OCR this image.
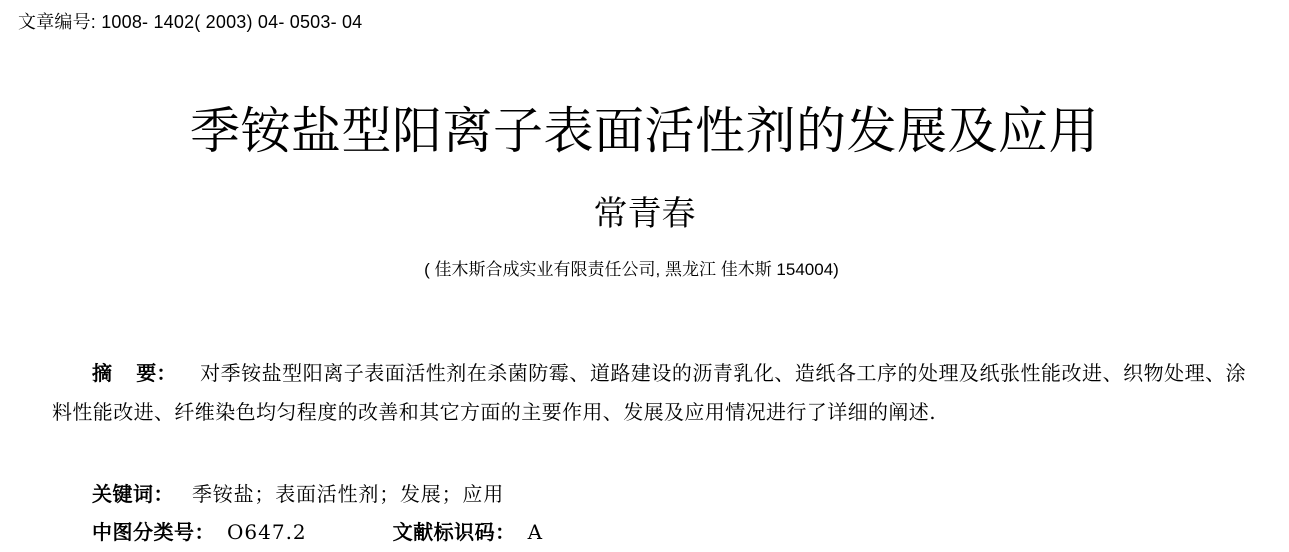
文章编号: 1008- 1402( 2003) 04- 0503- 04
季铵盐型阳离子表面活性剂的发展及应用
常青春
( 佳木斯合成实业有限责任公司, 黑龙江 佳木斯 154004)
摘 要： 对季铵盐型阳离子表面活性剂在杀菌防霉、道路建设的沥青乳化、造纸各工序的处理及纸张性能改进、织物处理、涂料性能改进、纤维染色均匀程度的改善和其它方面的主要作用、发展及应用情况进行了详细的阐述.
关键词： 季铵盐；表面活性剂；发展；应用
中图分类号： O647.2	文献标识码： A
